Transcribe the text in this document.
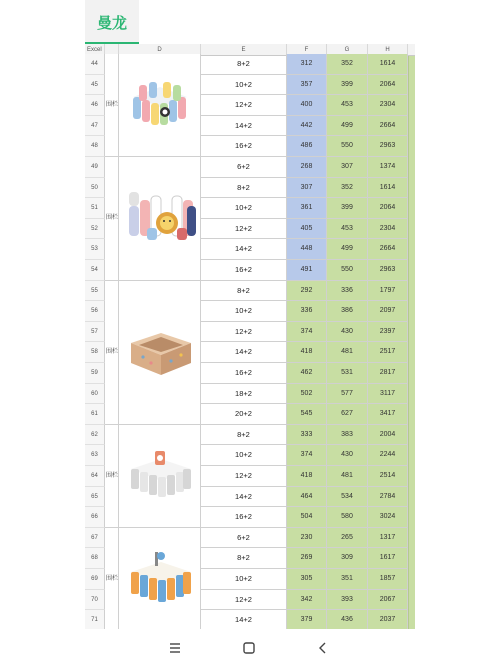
曼龙
Excel	D	E	F	G	H
围栏
44	8+2	312	352	1614
45	10+2	357	399	2064
46	12+2	400	453	2304
47	14+2	442	499	2664
48	16+2	486	550	2963
围栏
49	6+2	268	307	1374
50	8+2	307	352	1614
51	10+2	361	399	2064
52	12+2	405	453	2304
53	14+2	448	499	2664
54	16+2	491	550	2963
围栏
55	8+2	292	336	1797
56	10+2	336	386	2097
57	12+2	374	430	2397
58	14+2	418	481	2517
59	16+2	462	531	2817
60	18+2	502	577	3117
61	20+2	545	627	3417
围栏
62	8+2	333	383	2004
63	10+2	374	430	2244
64	12+2	418	481	2514
65	14+2	464	534	2784
66	16+2	504	580	3024
围栏
67	6+2	230	265	1317
68	8+2	269	309	1617
69	10+2	305	351	1857
70	12+2	342	393	2067
71	14+2	379	436	2037
